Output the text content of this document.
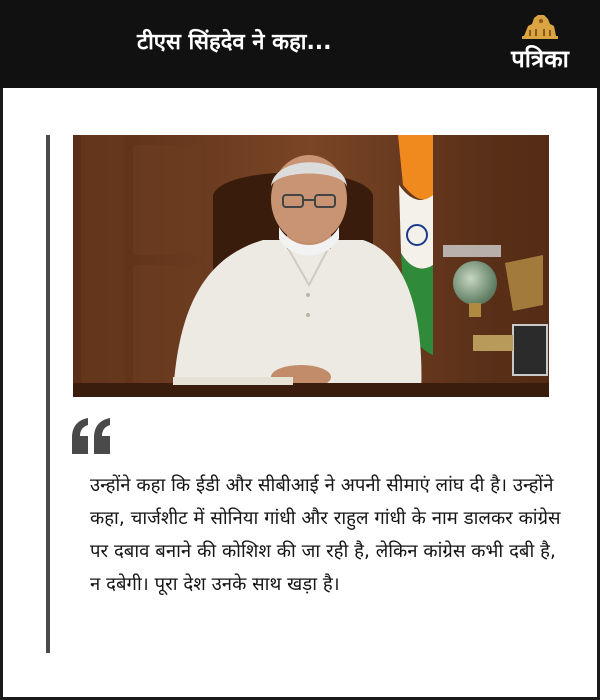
टीएस सिंहदेव ने कहा...
पत्रिका
उन्होंने कहा कि ईडी और सीबीआई ने अपनी सीमाएं लांघ दी है। उन्होंने कहा, चार्जशीट में सोनिया गांधी और राहुल गांधी के नाम डालकर कांग्रेस पर दबाव बनाने की कोशिश की जा रही है, लेकिन कांग्रेस कभी दबी है, न दबेगी। पूरा देश उनके साथ खड़ा है।
